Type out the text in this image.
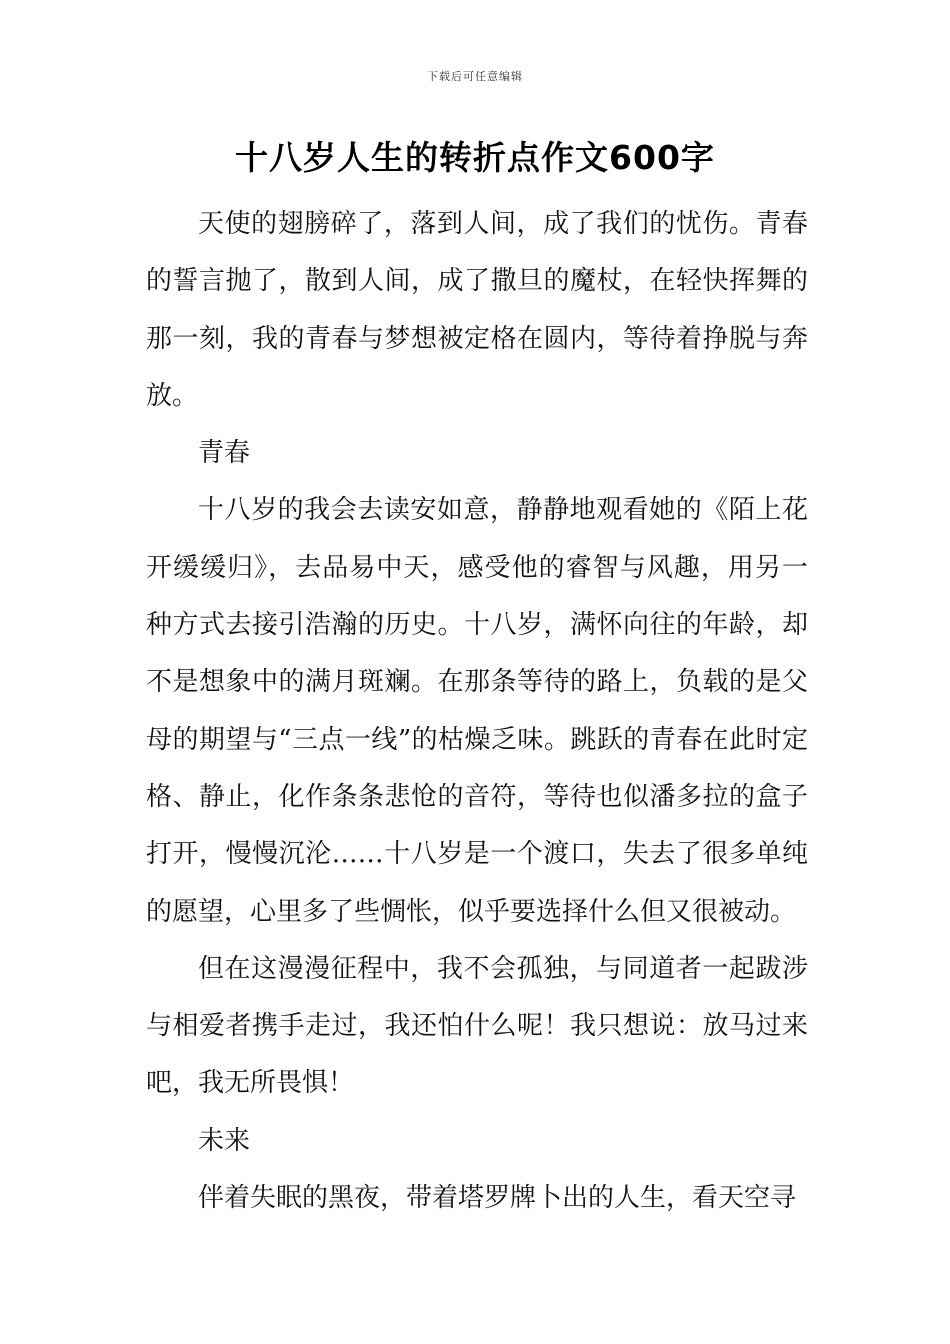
下载后可任意编辑
十八岁人生的转折点作文600字

天使的翅膀碎了，落到人间，成了我们的忧伤。青春的誓言抛了，散到人间，成了撒旦的魔杖，在轻快挥舞的那一刻，我的青春与梦想被定格在圆内，等待着挣脱与奔放。

青春

十八岁的我会去读安如意，静静地观看她的《陌上花开缓缓归》，去品易中天，感受他的睿智与风趣，用另一种方式去接引浩瀚的历史。十八岁，满怀向往的年龄，却不是想象中的满月斑斓。在那条等待的路上，负载的是父母的期望与“三点一线”的枯燥乏味。跳跃的青春在此时定格、静止，化作条条悲怆的音符，等待也似潘多拉的盒子打开，慢慢沉沦……十八岁是一个渡口，失去了很多单纯的愿望，心里多了些惆怅，似乎要选择什么但又很被动。

但在这漫漫征程中，我不会孤独，与同道者一起跋涉与相爱者携手走过，我还怕什么呢！我只想说：放马过来吧，我无所畏惧！

未来

伴着失眠的黑夜，带着塔罗牌卜出的人生，看天空寻
